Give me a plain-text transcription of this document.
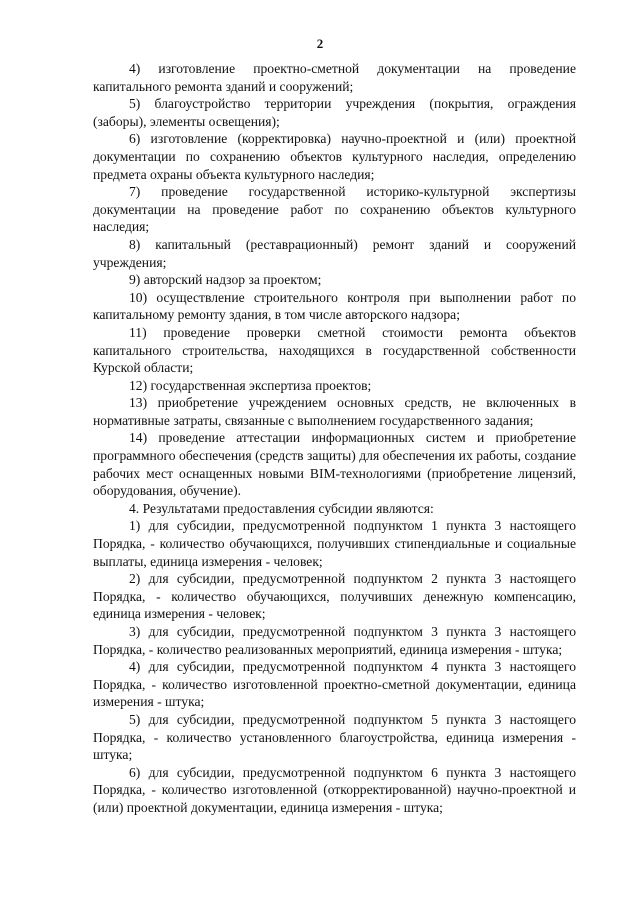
2

4) изготовление проектно-сметной документации на проведение капитального ремонта зданий и сооружений;

5) благоустройство территории учреждения (покрытия, ограждения (заборы), элементы освещения);

6) изготовление (корректировка) научно-проектной и (или) проектной документации по сохранению объектов культурного наследия, определению предмета охраны объекта культурного наследия;

7) проведение государственной историко-культурной экспертизы документации на проведение работ по сохранению объектов культурного наследия;

8) капитальный (реставрационный) ремонт зданий и сооружений учреждения;

9) авторский надзор за проектом;

10) осуществление строительного контроля при выполнении работ по капитальному ремонту здания, в том числе авторского надзора;

11) проведение проверки сметной стоимости ремонта объектов капитального строительства, находящихся в государственной собственности Курской области;

12) государственная экспертиза проектов;

13) приобретение учреждением основных средств, не включенных в нормативные затраты, связанные с выполнением государственного задания;

14) проведение аттестации информационных систем и приобретение программного обеспечения (средств защиты) для обеспечения их работы, создание рабочих мест оснащенных новыми BIM-технологиями (приобретение лицензий, оборудования, обучение).

4. Результатами предоставления субсидии являются:

1) для субсидии, предусмотренной подпунктом 1 пункта 3 настоящего Порядка, - количество обучающихся, получивших стипендиальные и социальные выплаты, единица измерения - человек;

2) для субсидии, предусмотренной подпунктом 2 пункта 3 настоящего Порядка, - количество обучающихся, получивших денежную компенсацию, единица измерения - человек;

3) для субсидии, предусмотренной подпунктом 3 пункта 3 настоящего Порядка, - количество реализованных мероприятий, единица измерения - штука;

4) для субсидии, предусмотренной подпунктом 4 пункта 3 настоящего Порядка, - количество изготовленной проектно-сметной документации, единица измерения - штука;

5) для субсидии, предусмотренной подпунктом 5 пункта 3 настоящего Порядка, - количество установленного благоустройства, единица измерения - штука;

6) для субсидии, предусмотренной подпунктом 6 пункта 3 настоящего Порядка, - количество изготовленной (откорректированной) научно-проектной и (или) проектной документации, единица измерения - штука;
